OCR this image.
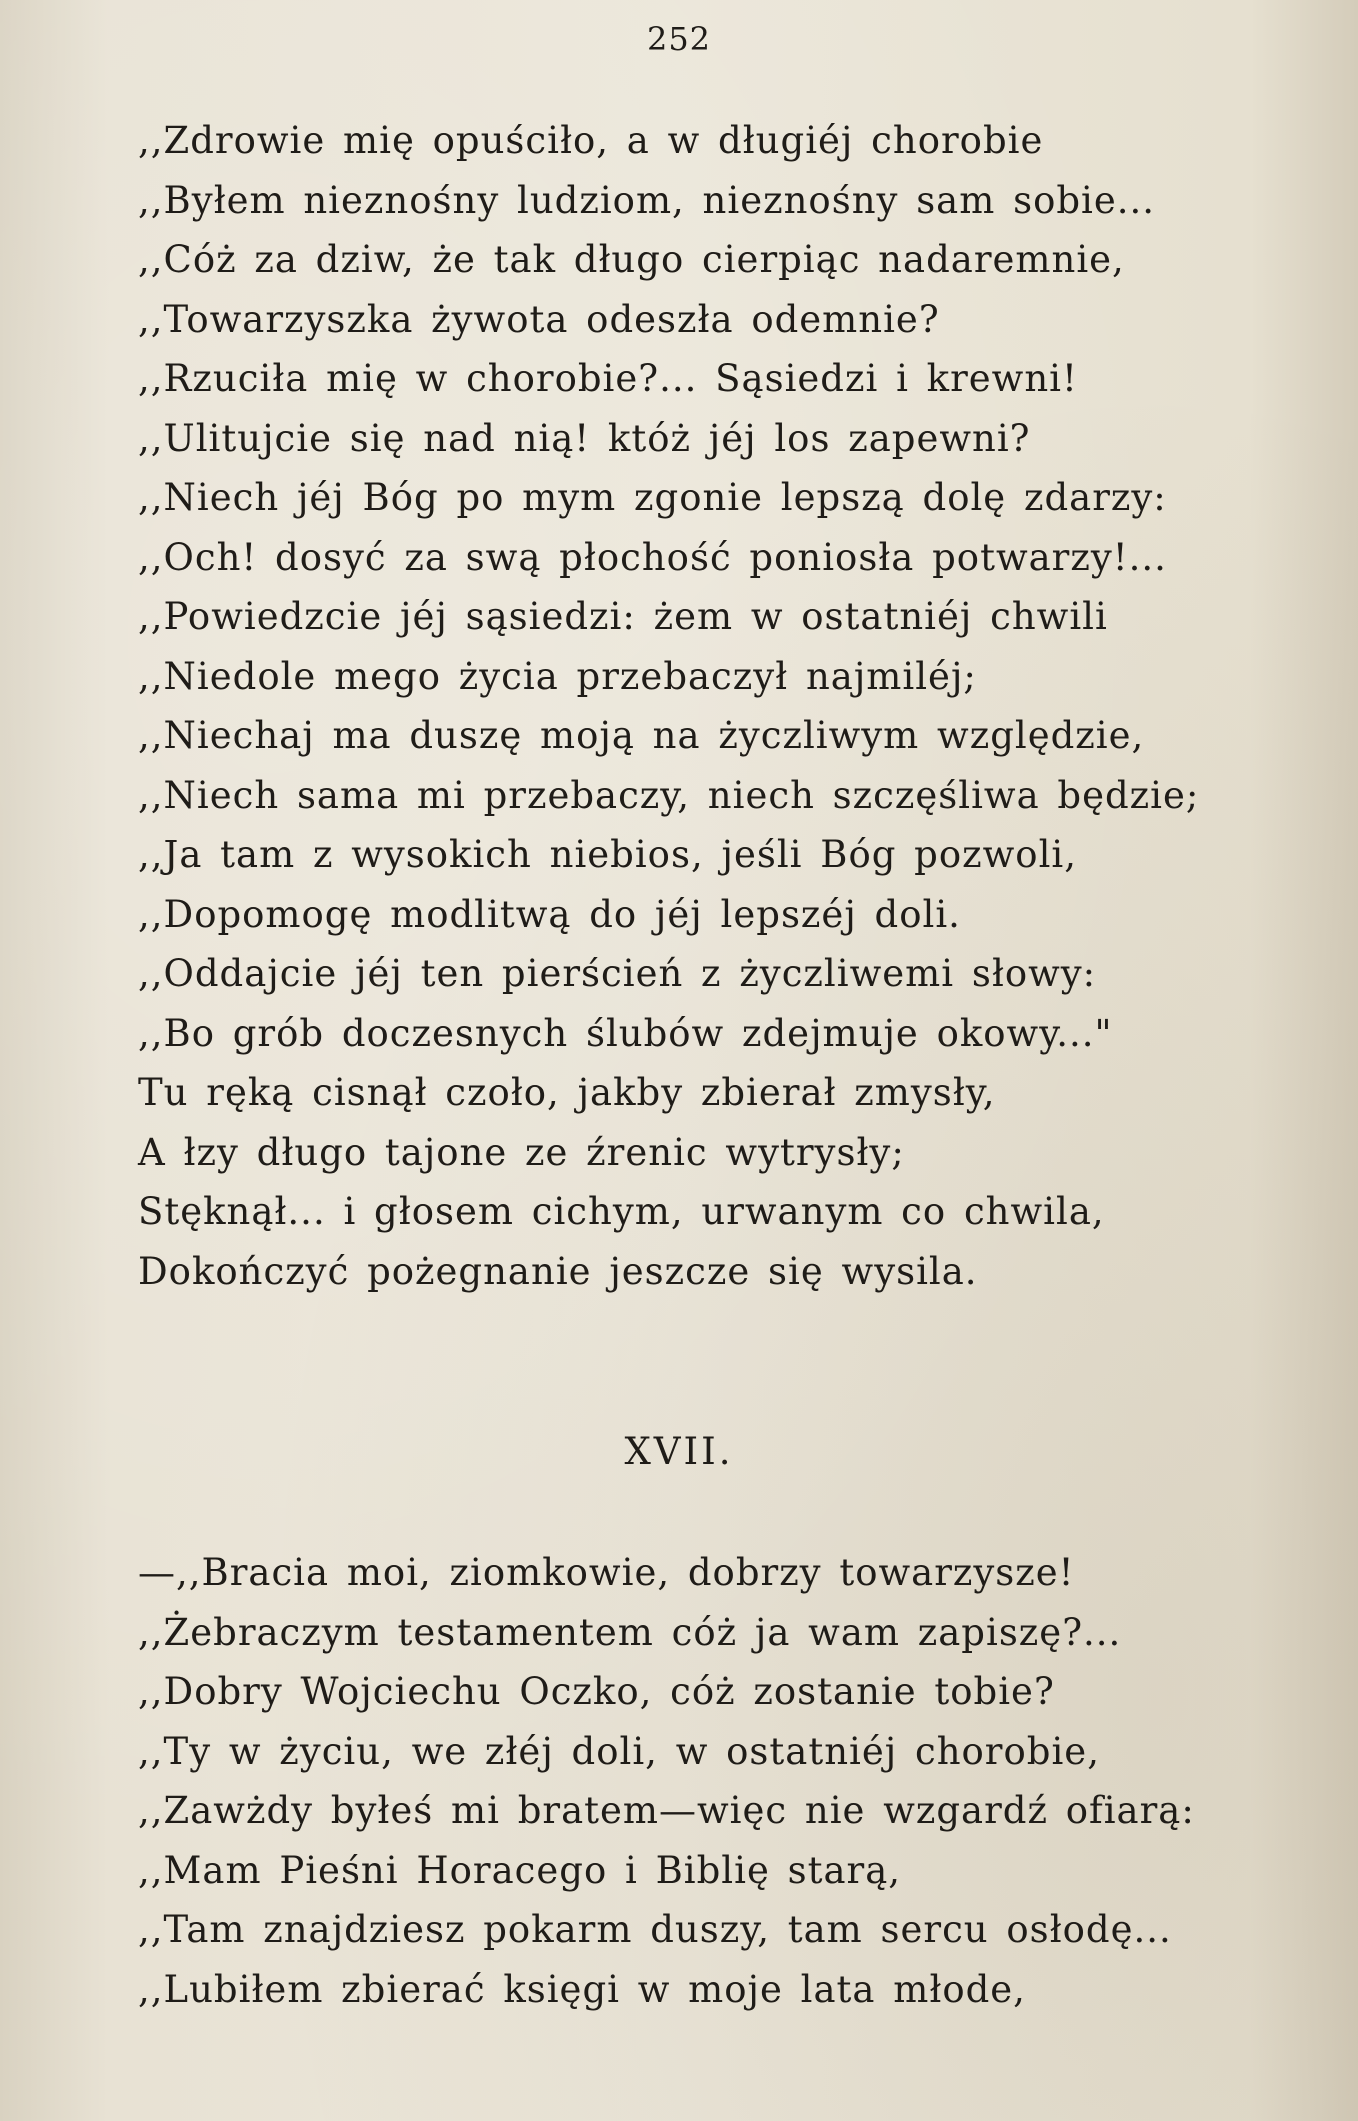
252
,,Zdrowie mię opuściło, a w długiéj chorobie
,,Byłem nieznośny ludziom, nieznośny sam sobie...
,,Cóż za dziw, że tak długo cierpiąc nadaremnie,
,,Towarzyszka żywota odeszła odemnie?
,,Rzuciła mię w chorobie?... Sąsiedzi i krewni!
,,Ulitujcie się nad nią! któż jéj los zapewni?
,,Niech jéj Bóg po mym zgonie lepszą dolę zdarzy:
,,Och! dosyć za swą płochość poniosła potwarzy!...
,,Powiedzcie jéj sąsiedzi: żem w ostatniéj chwili
,,Niedole mego życia przebaczył najmiléj;
,,Niechaj ma duszę moją na życzliwym względzie,
,,Niech sama mi przebaczy, niech szczęśliwa będzie;
,,Ja tam z wysokich niebios, jeśli Bóg pozwoli,
,,Dopomogę modlitwą do jéj lepszéj doli.
,,Oddajcie jéj ten pierścień z życzliwemi słowy:
,,Bo grób doczesnych ślubów zdejmuje okowy..."
Tu ręką cisnął czoło, jakby zbierał zmysły,
A łzy długo tajone ze źrenic wytrysły;
Stęknął... i głosem cichym, urwanym co chwila,
Dokończyć pożegnanie jeszcze się wysila.
XVII.
—,,Bracia moi, ziomkowie, dobrzy towarzysze!
,,Żebraczym testamentem cóż ja wam zapiszę?...
,,Dobry Wojciechu Oczko, cóż zostanie tobie?
,,Ty w życiu, we złéj doli, w ostatniéj chorobie,
,,Zawżdy byłeś mi bratem—więc nie wzgardź ofiarą:
,,Mam Pieśni Horacego i Biblię starą,
,,Tam znajdziesz pokarm duszy, tam sercu osłodę...
,,Lubiłem zbierać księgi w moje lata młode,
